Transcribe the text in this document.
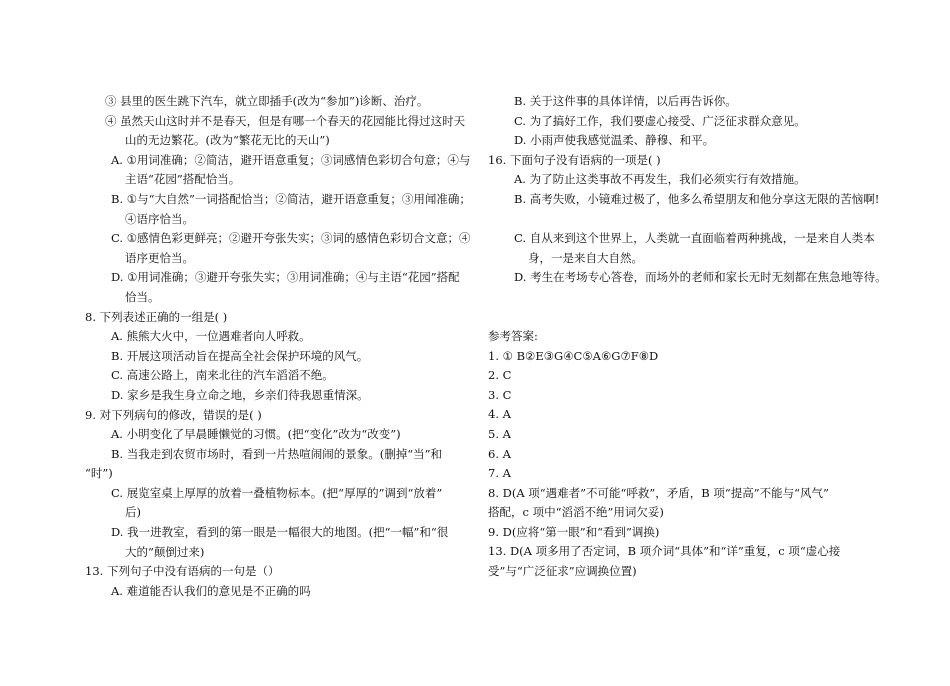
③ 县里的医生跳下汽车，就立即插手(改为“参加”)诊断、治疗。
④ 虽然天山这时并不是春天，但是有哪一个春天的花园能比得过这时天
山的无边繁花。(改为“繁花无比的天山”)
A. ①用词准确；②简洁，避开语意重复；③词感情色彩切合句意；④与
主语“花园”搭配恰当。
B. ①与“大自然”一词搭配恰当；②简洁，避开语意重复；③用闻准确；
④语序恰当。
C. ①感情色彩更鲜亮；②避开夸张失实；③词的感情色彩切合文意；④
语序更恰当。
D. ①用词准确；③避开夸张失实；③用词准确；④与主语“花园”搭配
恰当。
8. 下列表述正确的一组是( )
A. 熊熊大火中，一位遇难者向人呼救。
B. 开展这项活动旨在提高全社会保护环境的风气。
C. 高速公路上，南来北往的汽车滔滔不绝。
D. 家乡是我生身立命之地，乡亲们待我恩重情深。
9. 对下列病句的修改，错误的是( )
A. 小明变化了早晨睡懒觉的习惯。(把“变化”改为“改变”)
B. 当我走到农贸市场时，看到一片热喧闹闹的景象。(删掉“当”和
“时”)
C. 展览室桌上厚厚的放着一叠植物标本。(把“厚厚的”调到“放着”
后)
D. 我一进教室，看到的第一眼是一幅很大的地图。(把“一幅”和“很
大的”颠倒过来)
13. 下列句子中没有语病的一句是（）
A. 难道能否认我们的意见是不正确的吗
B. 关于这件事的具体详情，以后再告诉你。
C. 为了搞好工作，我们要虚心接受、广泛征求群众意见。
D. 小雨声使我感觉温柔、静穆、和平。
16. 下面句子没有语病的一项是( )
A. 为了防止这类事故不再发生，我们必须实行有效措施。
B. 高考失败，小镜难过极了，他多么希望朋友和他分享这无限的苦恼啊!

C. 自从来到这个世界上，人类就一直面临着两种挑战，一是来自人类本
身，一是来自大自然。
D. 考生在考场专心答卷，而场外的老师和家长无时无刻都在焦急地等待。
参考答案:
1. ① B②E③G④C⑤A⑥G⑦F⑧D
2. C
3. C
4. A
5. A
6. A
7. A
8. D(A 项“遇难者”不可能“呼救”，矛盾，B 项“提高”不能与“风气”
搭配，c 项中“滔滔不绝”用词欠妥)
9. D(应将“第一眼”和“看到”调换)
13. D(A 项多用了否定词，B 项介词“具体”和“详”重复，c 项“虚心接
受”与“广泛征求”应调换位置)
